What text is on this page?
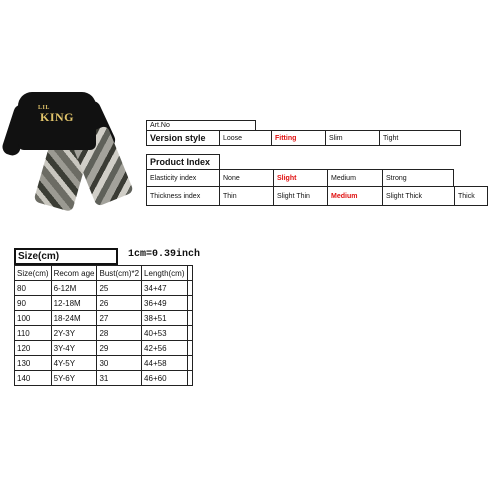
LIL
KING
Art.No
Version style	Loose	Fitting	Slim	Tight
Product Index
Elasticity index	None	Slight	Medium	Strong
Thickness index	Thin	Slight Thin	Medium	Slight Thick	Thick
Size(cm)	1cm=0.39inch
Size(cm)	Recom age	Bust(cm)*2	Length(cm)	
80	6-12M	25	34+47	
90	12-18M	26	36+49	
100	18-24M	27	38+51	
110	2Y-3Y	28	40+53	
120	3Y-4Y	29	42+56	
130	4Y-5Y	30	44+58	
140	5Y-6Y	31	46+60	
